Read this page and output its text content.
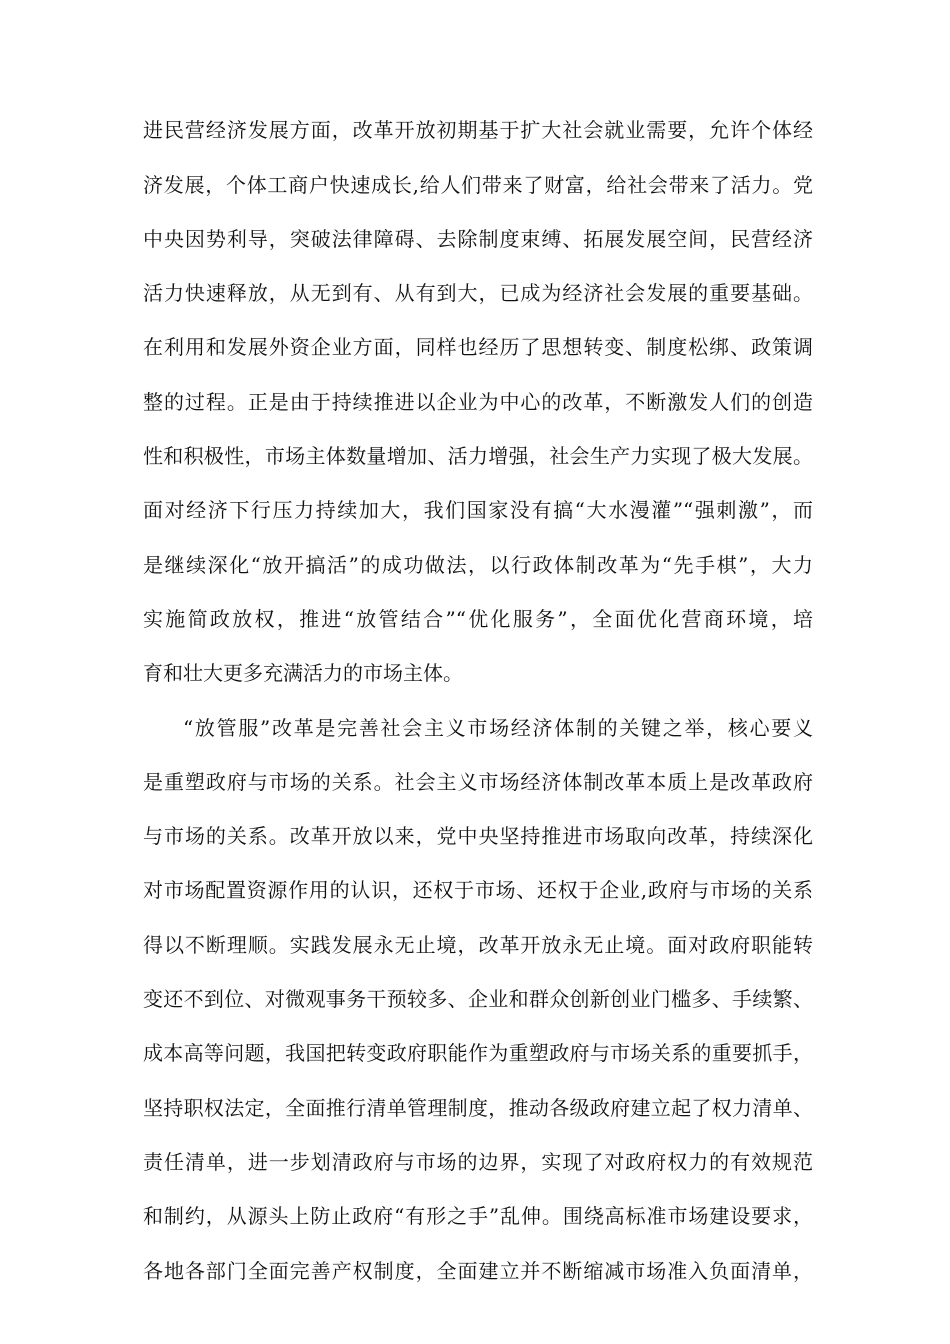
进民营经济发展方面，改革开放初期基于扩大社会就业需要，允许个体经
济发展，个体工商户快速成长,给人们带来了财富，给社会带来了活力。党
中央因势利导，突破法律障碍、去除制度束缚、拓展发展空间，民营经济
活力快速释放，从无到有、从有到大，已成为经济社会发展的重要基础。
在利用和发展外资企业方面，同样也经历了思想转变、制度松绑、政策调
整的过程。正是由于持续推进以企业为中心的改革，不断激发人们的创造
性和积极性，市场主体数量增加、活力增强，社会生产力实现了极大发展。
面对经济下行压力持续加大，我们国家没有搞“大水漫灌”“强刺激”，而
是继续深化“放开搞活”的成功做法，以行政体制改革为“先手棋”，大力
实施简政放权，推进“放管结合”“优化服务”，全面优化营商环境，培
育和壮大更多充满活力的市场主体。
“放管服”改革是完善社会主义市场经济体制的关键之举，核心要义
是重塑政府与市场的关系。社会主义市场经济体制改革本质上是改革政府
与市场的关系。改革开放以来，党中央坚持推进市场取向改革，持续深化
对市场配置资源作用的认识，还权于市场、还权于企业,政府与市场的关系
得以不断理顺。实践发展永无止境，改革开放永无止境。面对政府职能转
变还不到位、对微观事务干预较多、企业和群众创新创业门槛多、手续繁、
成本高等问题，我国把转变政府职能作为重塑政府与市场关系的重要抓手，
坚持职权法定，全面推行清单管理制度，推动各级政府建立起了权力清单、
责任清单，进一步划清政府与市场的边界，实现了对政府权力的有效规范
和制约，从源头上防止政府“有形之手”乱伸。围绕高标准市场建设要求，
各地各部门全面完善产权制度，全面建立并不断缩减市场准入负面清单，
